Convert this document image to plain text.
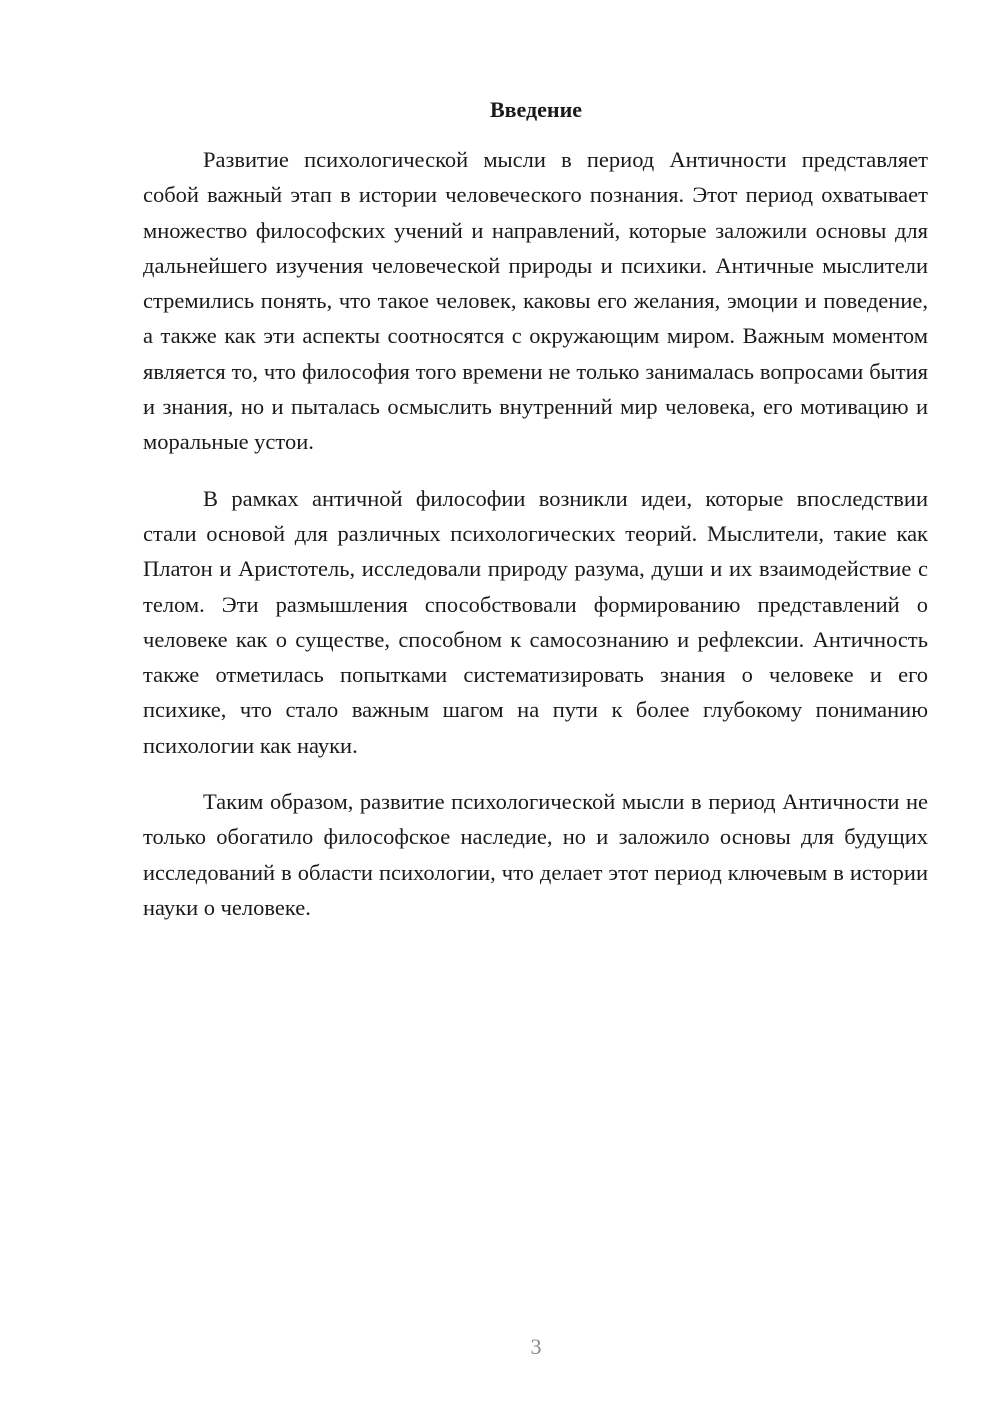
Введение

Развитие психологической мысли в период Античности представляет собой важный этап в истории человеческого познания. Этот период охватывает множество философских учений и направлений, которые заложили основы для дальнейшего изучения человеческой природы и психики. Античные мыслители стремились понять, что такое человек, каковы его желания, эмоции и поведение, а также как эти аспекты соотносятся с окружающим миром. Важным моментом является то, что философия того времени не только занималась вопросами бытия и знания, но и пыталась осмыслить внутренний мир человека, его мотивацию и моральные устои.

В рамках античной философии возникли идеи, которые впоследствии стали основой для различных психологических теорий. Мыслители, такие как Платон и Аристотель, исследовали природу разума, души и их взаимодействие с телом. Эти размышления способствовали формированию представлений о человеке как о существе, способном к самосознанию и рефлексии. Античность также отметилась попытками систематизировать знания о человеке и его психике, что стало важным шагом на пути к более глубокому пониманию психологии как науки.

Таким образом, развитие психологической мысли в период Античности не только обогатило философское наследие, но и заложило основы для будущих исследований в области психологии, что делает этот период ключевым в истории науки о человеке.

3
